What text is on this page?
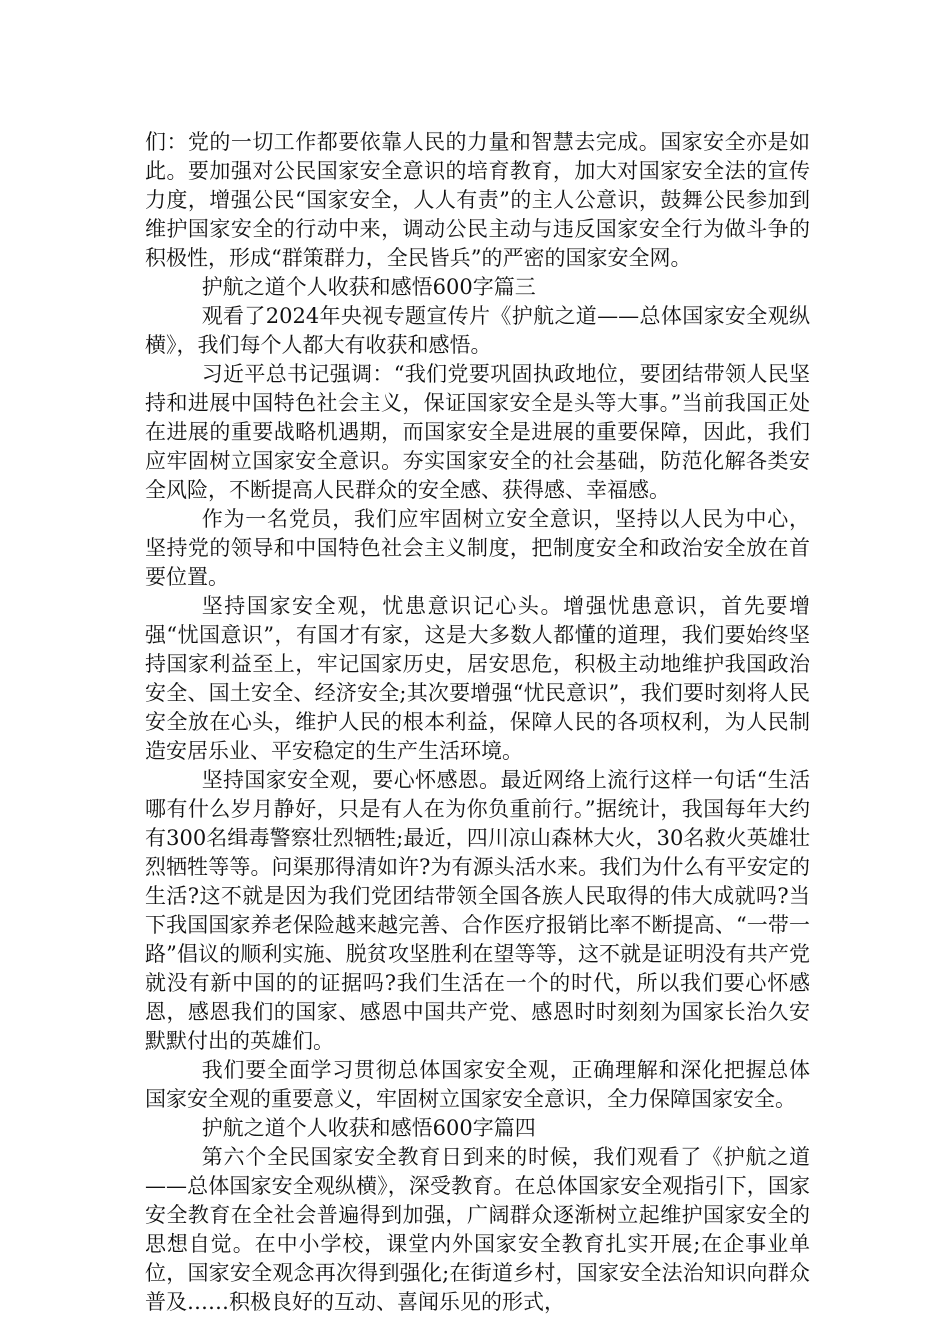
们：党的一切工作都要依靠人民的力量和智慧去完成。国家安全亦是如此。要加强对公民国家安全意识的培育教育，加大对国家安全法的宣传力度，增强公民“国家安全，人人有责”的主人公意识，鼓舞公民参加到维护国家安全的行动中来，调动公民主动与违反国家安全行为做斗争的积极性，形成“群策群力，全民皆兵”的严密的国家安全网。

护航之道个人收获和感悟600字篇三

观看了2024年央视专题宣传片《护航之道——总体国家安全观纵横》，我们每个人都大有收获和感悟。

习近平总书记强调：“我们党要巩固执政地位，要团结带领人民坚持和进展中国特色社会主义，保证国家安全是头等大事。”当前我国正处在进展的重要战略机遇期，而国家安全是进展的重要保障，因此，我们应牢固树立国家安全意识。夯实国家安全的社会基础，防范化解各类安全风险，不断提高人民群众的安全感、获得感、幸福感。

作为一名党员，我们应牢固树立安全意识，坚持以人民为中心，坚持党的领导和中国特色社会主义制度，把制度安全和政治安全放在首要位置。

坚持国家安全观，忧患意识记心头。增强忧患意识，首先要增强“忧国意识”，有国才有家，这是大多数人都懂的道理，我们要始终坚持国家利益至上，牢记国家历史，居安思危，积极主动地维护我国政治安全、国土安全、经济安全;其次要增强“忧民意识”，我们要时刻将人民安全放在心头，维护人民的根本利益，保障人民的各项权利，为人民制造安居乐业、平安稳定的生产生活环境。

坚持国家安全观，要心怀感恩。最近网络上流行这样一句话“生活哪有什么岁月静好，只是有人在为你负重前行。”据统计，我国每年大约有300名缉毒警察壮烈牺牲;最近，四川凉山森林大火，30名救火英雄壮烈牺牲等等。问渠那得清如许?为有源头活水来。我们为什么有平安定的生活?这不就是因为我们党团结带领全国各族人民取得的伟大成就吗?当下我国国家养老保险越来越完善、合作医疗报销比率不断提高、“一带一路”倡议的顺利实施、脱贫攻坚胜利在望等等，这不就是证明没有共产党就没有新中国的的证据吗?我们生活在一个的时代，所以我们要心怀感恩，感恩我们的国家、感恩中国共产党、感恩时时刻刻为国家长治久安默默付出的英雄们。

我们要全面学习贯彻总体国家安全观，正确理解和深化把握总体国家安全观的重要意义，牢固树立国家安全意识，全力保障国家安全。

护航之道个人收获和感悟600字篇四

第六个全民国家安全教育日到来的时候，我们观看了《护航之道——总体国家安全观纵横》，深受教育。在总体国家安全观指引下，国家安全教育在全社会普遍得到加强，广阔群众逐渐树立起维护国家安全的思想自觉。在中小学校，课堂内外国家安全教育扎实开展;在企事业单位，国家安全观念再次得到强化;在街道乡村，国家安全法治知识向群众普及……积极良好的互动、喜闻乐见的形式，
